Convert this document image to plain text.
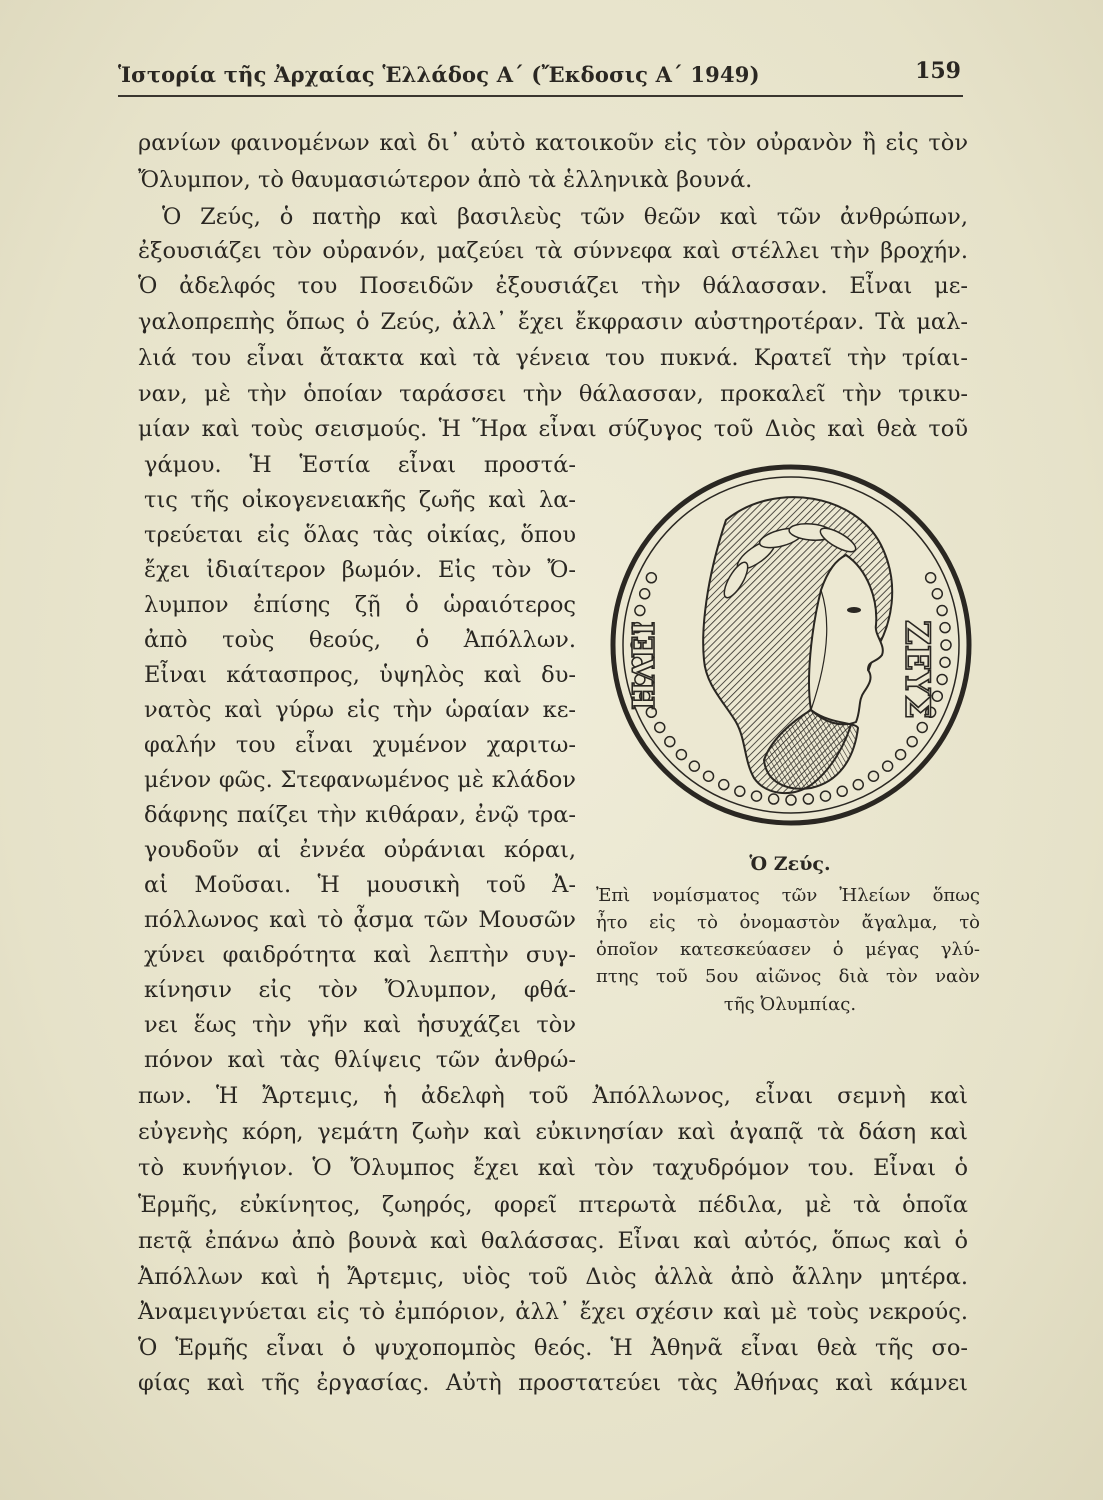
Ἱστορία τῆς Ἀρχαίας Ἑλλάδος Α΄ (Ἔκδοσις Α΄ 1949)	159
ρανίων φαινομένων καὶ δι᾽ αὐτὸ κατοικοῦν εἰς τὸν οὐρανὸν ἢ εἰς τὸν
Ὄλυμπον, τὸ θαυμασιώτερον ἀπὸ τὰ ἑλληνικὰ βουνά.
Ὁ Ζεύς, ὁ πατὴρ καὶ βασιλεὺς τῶν θεῶν καὶ τῶν ἀνθρώπων,
ἐξουσιάζει τὸν οὐρανόν, μαζεύει τὰ σύννεφα καὶ στέλλει τὴν βροχήν.
Ὁ ἀδελφός του Ποσειδῶν ἐξουσιάζει τὴν θάλασσαν. Εἶναι με-
γαλοπρεπὴς ὅπως ὁ Ζεύς, ἀλλ᾽ ἔχει ἔκφρασιν αὐστηροτέραν. Τὰ μαλ-
λιά του εἶναι ἄτακτα καὶ τὰ γένεια του πυκνά. Κρατεῖ τὴν τρίαι-
ναν, μὲ τὴν ὁποίαν ταράσσει τὴν θάλασσαν, προκαλεῖ τὴν τρικυ-
μίαν καὶ τοὺς σεισμούς. Ἡ Ἥρα εἶναι σύζυγος τοῦ Διὸς καὶ θεὰ τοῦ
γάμου. Ἡ Ἑστία εἶναι προστά-
τις τῆς οἰκογενειακῆς ζωῆς καὶ λα-
τρεύεται εἰς ὅλας τὰς οἰκίας, ὅπου
ἔχει ἰδιαίτερον βωμόν. Εἰς τὸν Ὄ-
λυμπον ἐπίσης ζῇ ὁ ὡραιότερος
ἀπὸ τοὺς θεούς, ὁ Ἀπόλλων.
Εἶναι κάτασπρος, ὑψηλὸς καὶ δυ-
νατὸς καὶ γύρω εἰς τὴν ὡραίαν κε-
φαλήν του εἶναι χυμένον χαριτω-
μένον φῶς. Στεφανωμένος μὲ κλάδον
δάφνης παίζει τὴν κιθάραν, ἐνῷ τρα-
γουδοῦν αἱ ἐννέα οὐράνιαι κόραι,
αἱ Μοῦσαι. Ἡ μουσικὴ τοῦ Ἀ-
πόλλωνος καὶ τὸ ᾆσμα τῶν Μουσῶν
χύνει φαιδρότητα καὶ λεπτὴν συγ-
κίνησιν εἰς τὸν Ὄλυμπον, φθά-
νει ἕως τὴν γῆν καὶ ἡσυχάζει τὸν
πόνον καὶ τὰς θλίψεις τῶν ἀνθρώ-
πων. Ἡ Ἄρτεμις, ἡ ἀδελφὴ τοῦ Ἀπόλλωνος, εἶναι σεμνὴ καὶ
εὐγενὴς κόρη, γεμάτη ζωὴν καὶ εὐκινησίαν καὶ ἀγαπᾷ τὰ δάση καὶ
τὸ κυνήγιον. Ὁ Ὄλυμπος ἔχει καὶ τὸν ταχυδρόμον του. Εἶναι ὁ
Ἑρμῆς, εὐκίνητος, ζωηρός, φορεῖ πτερωτὰ πέδιλα, μὲ τὰ ὁποῖα
πετᾷ ἐπάνω ἀπὸ βουνὰ καὶ θαλάσσας. Εἶναι καὶ αὐτός, ὅπως καὶ ὁ
Ἀπόλλων καὶ ἡ Ἄρτεμις, υἱὸς τοῦ Διὸς ἀλλὰ ἀπὸ ἄλλην μητέρα.
Ἀναμειγνύεται εἰς τὸ ἐμπόριον, ἀλλ᾽ ἔχει σχέσιν καὶ μὲ τοὺς νεκρούς.
Ὁ Ἑρμῆς εἶναι ὁ ψυχοπομπὸς θεός. Ἡ Ἀθηνᾶ εἶναι θεὰ τῆς σο-
φίας καὶ τῆς ἐργασίας. Αὐτὴ προστατεύει τὰς Ἀθήνας καὶ κάμνει
ΗΛΕΙ	ΖΕΥΣ
Ὁ Ζεύς.
Ἐπὶ νομίσματος τῶν Ἠλείων ὅπως
ἦτο εἰς τὸ ὀνομαστὸν ἄγαλμα, τὸ
ὁποῖον κατεσκεύασεν ὁ μέγας γλύ-
πτης τοῦ 5ου αἰῶνος διὰ τὸν ναὸν
τῆς Ὀλυμπίας.
